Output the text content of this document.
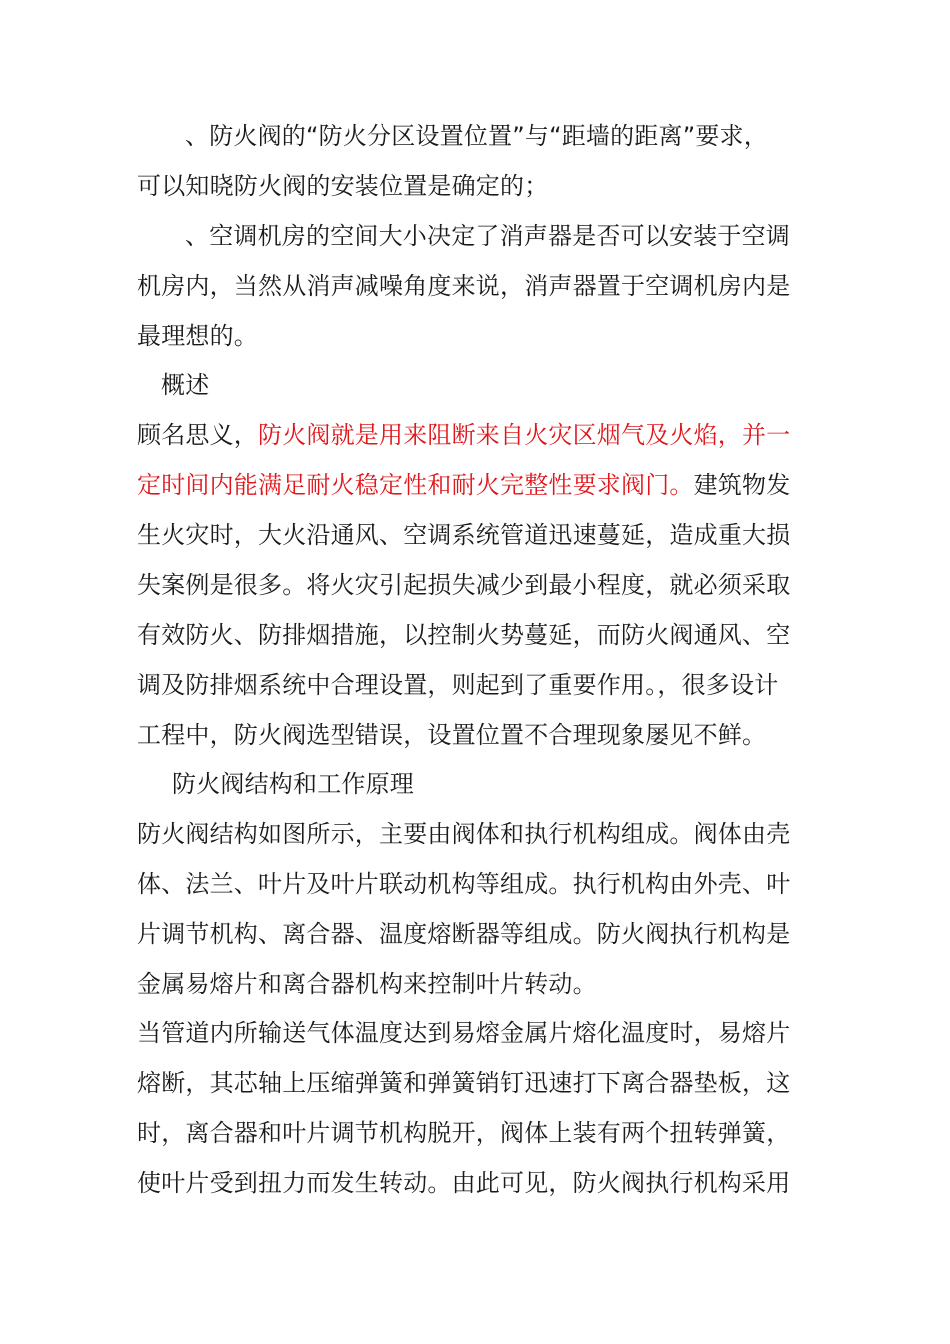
、防火阀的“防火分区设置位置”与“距墙的距离”要求，
可以知晓防火阀的安装位置是确定的；
、空调机房的空间大小决定了消声器是否可以安装于空调
机房内，当然从消声减噪角度来说，消声器置于空调机房内是
最理想的。
概述
顾名思义，防火阀就是用来阻断来自火灾区烟气及火焰，并一
定时间内能满足耐火稳定性和耐火完整性要求阀门。建筑物发
生火灾时，大火沿通风、空调系统管道迅速蔓延，造成重大损
失案例是很多。将火灾引起损失减少到最小程度，就必须采取
有效防火、防排烟措施，以控制火势蔓延，而防火阀通风、空
调及防排烟系统中合理设置，则起到了重要作用。，很多设计
工程中，防火阀选型错误，设置位置不合理现象屡见不鲜。
防火阀结构和工作原理
防火阀结构如图所示，主要由阀体和执行机构组成。阀体由壳
体、法兰、叶片及叶片联动机构等组成。执行机构由外壳、叶
片调节机构、离合器、温度熔断器等组成。防火阀执行机构是
金属易熔片和离合器机构来控制叶片转动。
当管道内所输送气体温度达到易熔金属片熔化温度时，易熔片
熔断，其芯轴上压缩弹簧和弹簧销钉迅速打下离合器垫板，这
时，离合器和叶片调节机构脱开，阀体上装有两个扭转弹簧，
使叶片受到扭力而发生转动。由此可见，防火阀执行机构采用
